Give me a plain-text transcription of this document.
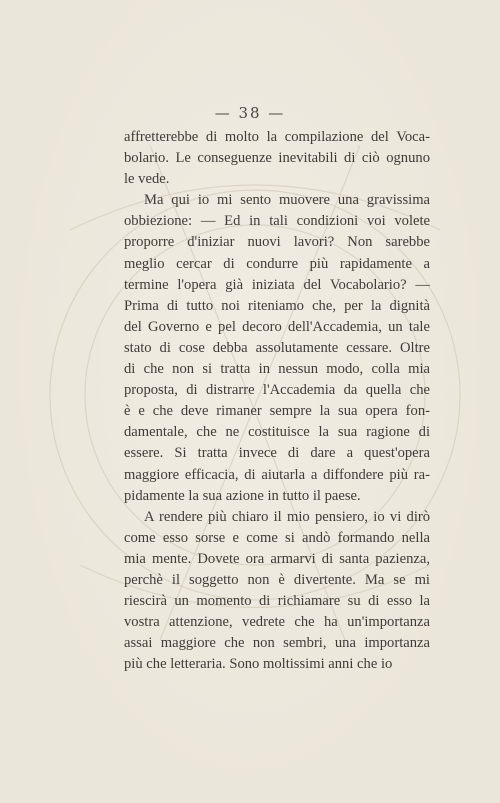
— 38 —

affretterebbe di molto la compilazione del Voca-
bolario. Le conseguenze inevitabili di ciò ognuno
le vede.

Ma qui io mi sento muovere una gravissima
obbiezione: — Ed in tali condizioni voi volete
proporre d'iniziar nuovi lavori? Non sarebbe
meglio cercar di condurre più rapidamente a
termine l'opera già iniziata del Vocabolario? —
Prima di tutto noi riteniamo che, per la dignità
del Governo e pel decoro dell'Accademia, un tale
stato di cose debba assolutamente cessare. Oltre
di che non si tratta in nessun modo, colla mia
proposta, di distrarre l'Accademia da quella che
è e che deve rimaner sempre la sua opera fon-
damentale, che ne costituisce la sua ragione di
essere. Si tratta invece di dare a quest'opera
maggiore efficacia, di aiutarla a diffondere più ra-
pidamente la sua azione in tutto il paese.

A rendere più chiaro il mio pensiero, io vi dirò
come esso sorse e come si andò formando nella
mia mente. Dovete ora armarvi di santa pazienza,
perchè il soggetto non è divertente. Ma se mi
riescirà un momento di richiamare su di esso la
vostra attenzione, vedrete che ha un'importanza
assai maggiore che non sembri, una importanza
più che letteraria. Sono moltissimi anni che io
